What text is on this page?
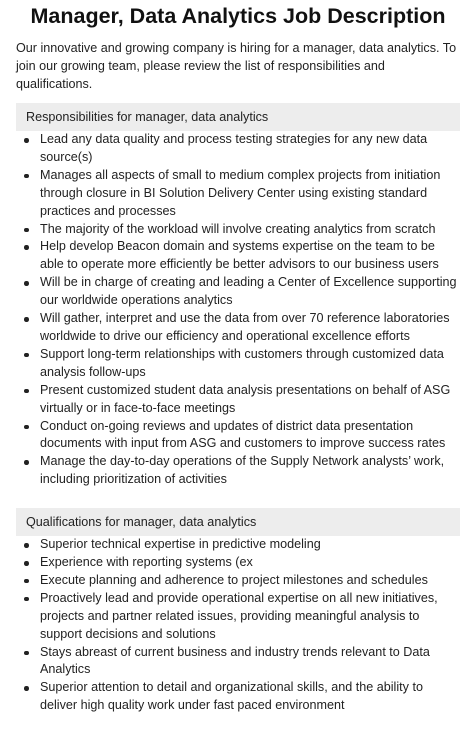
Manager, Data Analytics Job Description

Our innovative and growing company is hiring for a manager, data analytics. To join our growing team, please review the list of responsibilities and qualifications.

Responsibilities for manager, data analytics
Lead any data quality and process testing strategies for any new data source(s)
Manages all aspects of small to medium complex projects from initiation through closure in BI Solution Delivery Center using existing standard practices and processes
The majority of the workload will involve creating analytics from scratch
Help develop Beacon domain and systems expertise on the team to be able to operate more efficiently be better advisors to our business users
Will be in charge of creating and leading a Center of Excellence supporting our worldwide operations analytics
Will gather, interpret and use the data from over 70 reference laboratories worldwide to drive our efficiency and operational excellence efforts
Support long-term relationships with customers through customized data analysis follow-ups
Present customized student data analysis presentations on behalf of ASG virtually or in face-to-face meetings
Conduct on-going reviews and updates of district data presentation documents with input from ASG and customers to improve success rates
Manage the day-to-day operations of the Supply Network analysts’ work, including prioritization of activities
Qualifications for manager, data analytics
Superior technical expertise in predictive modeling
Experience with reporting systems (ex
Execute planning and adherence to project milestones and schedules
Proactively lead and provide operational expertise on all new initiatives, projects and partner related issues, providing meaningful analysis to support decisions and solutions
Stays abreast of current business and industry trends relevant to Data Analytics
Superior attention to detail and organizational skills, and the ability to deliver high quality work under fast paced environment
